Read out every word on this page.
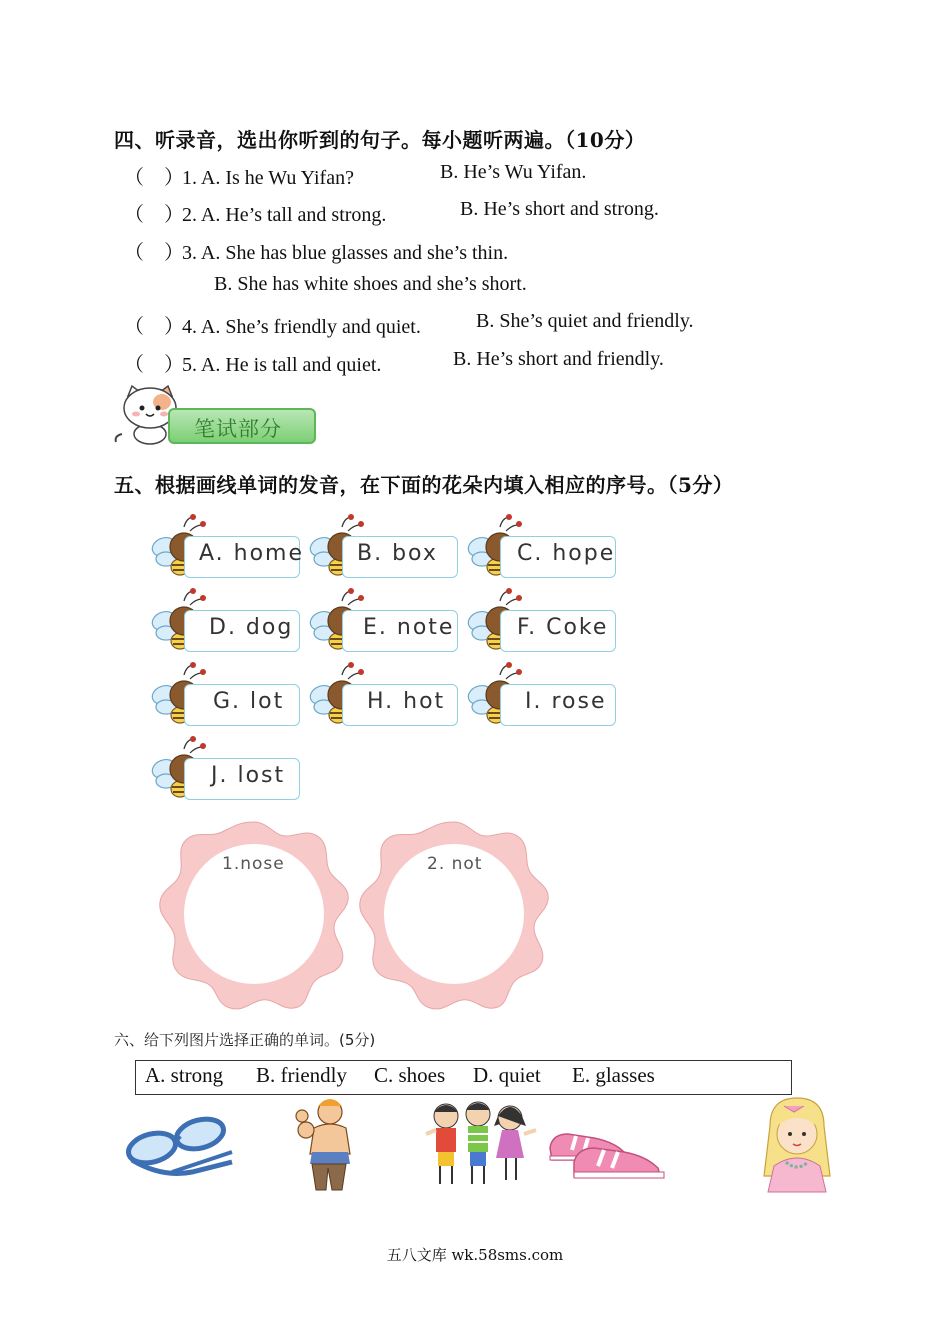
四、听录音，选出你听到的句子。每小题听两遍。（10分）
（　）1. A. Is he Wu Yifan?	B. He’s Wu Yifan.
（　）2. A. He’s tall and strong.	B. He’s short and strong.
（　）3. A. She has blue glasses and she’s thin.
B. She has white shoes and she’s short.
（　）4. A. She’s friendly and quiet.	B. She’s quiet and friendly.
（　）5. A. He is tall and quiet.	B. He’s short and friendly.
笔试部分
五、根据画线单词的发音，在下面的花朵内填入相应的序号。（5分）
A. home B. box	C. hope
D. dog	E. note	F. Coke
G. lot	H. hot	I. rose
J. lost
1.nose	2. not
六、给下列图片选择正确的单词。(5分)
A. strong B. friendly C. shoes D. quiet E. glasses
五八文库 wk.58sms.com
